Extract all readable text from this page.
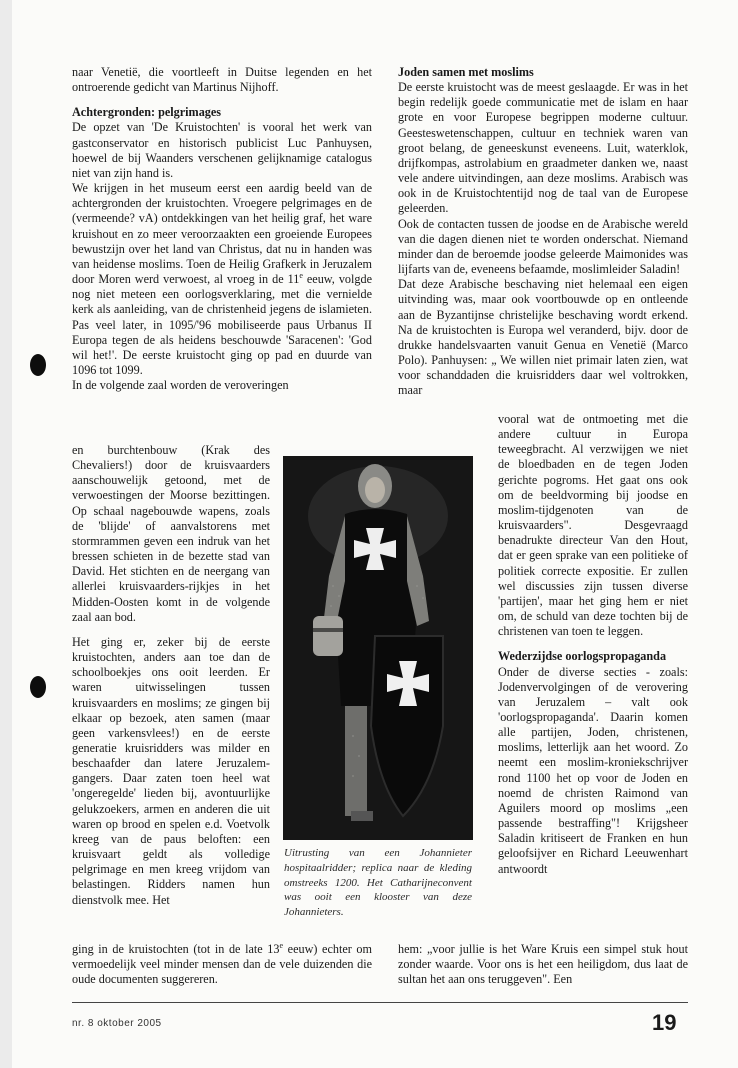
naar Venetië, die voortleeft in Duitse legenden en het ontroerende gedicht van Martinus Nijhoff.

Achtergronden: pelgrimages

De opzet van 'De Kruistochten' is vooral het werk van gastconservator en historisch publicist Luc Panhuysen, hoewel de bij Waanders verschenen gelijknamige catalogus niet van zijn hand is.

We krijgen in het museum eerst een aardig beeld van de achtergronden der kruistochten. Vroegere pelgrimages en de (vermeende? vA) ontdekkingen van het heilig graf, het ware kruishout en zo meer veroorzaakten een groeiende Europees bewustzijn over het land van Christus, dat nu in handen was van heidense moslims. Toen de Heilig Grafkerk in Jeruzalem door Moren werd verwoest, al vroeg in de 11e eeuw, volgde nog niet meteen een oorlogsverklaring, met die vernielde kerk als aanleiding, van de christenheid jegens de islamieten. Pas veel later, in 1095/'96 mobiliseerde paus Urbanus II Europa tegen de als heidens beschouwde 'Saracenen': 'God wil het!'. De eerste kruistocht ging op pad en duurde van 1096 tot 1099.

In de volgende zaal worden de veroveringen

en burchtenbouw (Krak des Chevaliers!) door de kruisvaarders aanschouwelijk getoond, met de verwoestingen der Moorse bezittingen. Op schaal nagebouwde wapens, zoals de 'blijde' of aanvalstorens met stormrammen geven een indruk van het bressen schieten in de bezette stad van David. Het stichten en de neergang van allerlei kruisvaarders-rijkjes in het Midden-Oosten komt in de volgende zaal aan bod.

Het ging er, zeker bij de eerste kruistochten, anders aan toe dan de schoolboekjes ons ooit leerden. Er waren uitwisselingen tussen kruisvaarders en moslims; ze gingen bij elkaar op bezoek, aten samen (maar geen varkensvlees!) en de eerste generatie kruisridders was milder en beschaafder dan latere Jeruzalem-gangers. Daar zaten toen heel wat 'ongeregelde' lieden bij, avontuurlijke gelukzoekers, armen en anderen die uit waren op brood en spelen e.d. Voetvolk kreeg van de paus beloften: een kruisvaart geldt als volledige pelgrimage en men kreeg vrijdom van belastingen. Ridders namen hun dienstvolk mee. Het

ging in de kruistochten (tot in de late 13e eeuw) echter om vermoedelijk veel minder mensen dan de vele duizenden die oude documenten suggereren.

Uitrusting van een Johannieter hospitaalridder; replica naar de kleding omstreeks 1200. Het Catharijneconvent was ooit een klooster van deze Johannieters.
Joden samen met moslims

De eerste kruistocht was de meest geslaagde. Er was in het begin redelijk goede communicatie met de islam en haar grote en voor Europese begrippen moderne cultuur. Geesteswetenschappen, cultuur en techniek waren van groot belang, de geneeskunst eveneens. Luit, waterklok, drijfkompas, astrolabium en graadmeter danken we, naast vele andere uitvindingen, aan deze moslims. Arabisch was ook in de Kruistochtentijd nog de taal van de Europese geleerden.

Ook de contacten tussen de joodse en de Arabische wereld van die dagen dienen niet te worden onderschat. Niemand minder dan de beroemde joodse geleerde Maimonides was lijfarts van de, eveneens befaamde, moslimleider Saladin!

Dat deze Arabische beschaving niet helemaal een eigen uitvinding was, maar ook voortbouwde op en ontleende aan de Byzantijnse christelijke beschaving wordt erkend. Na de kruistochten is Europa wel veranderd, bijv. door de drukke handelsvaarten vanuit Genua en Venetië (Marco Polo). Panhuysen: „ We willen niet primair laten zien, wat voor schanddaden die kruisridders daar wel voltrokken, maar

vooral wat de ontmoeting met die andere cultuur in Europa teweegbracht. Al verzwijgen we niet de bloedbaden en de tegen Joden gerichte pogroms. Het gaat ons ook om de beeldvorming bij joodse en moslim-tijdgenoten van de kruisvaarders". Desgevraagd benadrukte directeur Van den Hout, dat er geen sprake van een politieke of politiek correcte expositie. Er zullen wel discussies zijn tussen diverse 'partijen', maar het ging hem er niet om, de schuld van deze tochten bij de christenen van toen te leggen.

Wederzijdse oorlogspropaganda

Onder de diverse secties - zoals: Jodenvervolgingen of de verovering van Jeruzalem – valt ook 'oorlogspropaganda'. Daarin komen alle partijen, Joden, christenen, moslims, letterlijk aan het woord. Zo neemt een moslim-kroniekschrijver rond 1100 het op voor de Joden en noemd de christen Raimond van Aguilers moord op moslims „een passende bestraffing"! Krijgsheer Saladin kritiseert de Franken en hun geloofsijver en Richard Leeuwenhart antwoordt

hem: „voor jullie is het Ware Kruis een simpel stuk hout zonder waarde. Voor ons is het een heiligdom, dus laat de sultan het aan ons teruggeven". Een

nr. 8 oktober 2005	19
